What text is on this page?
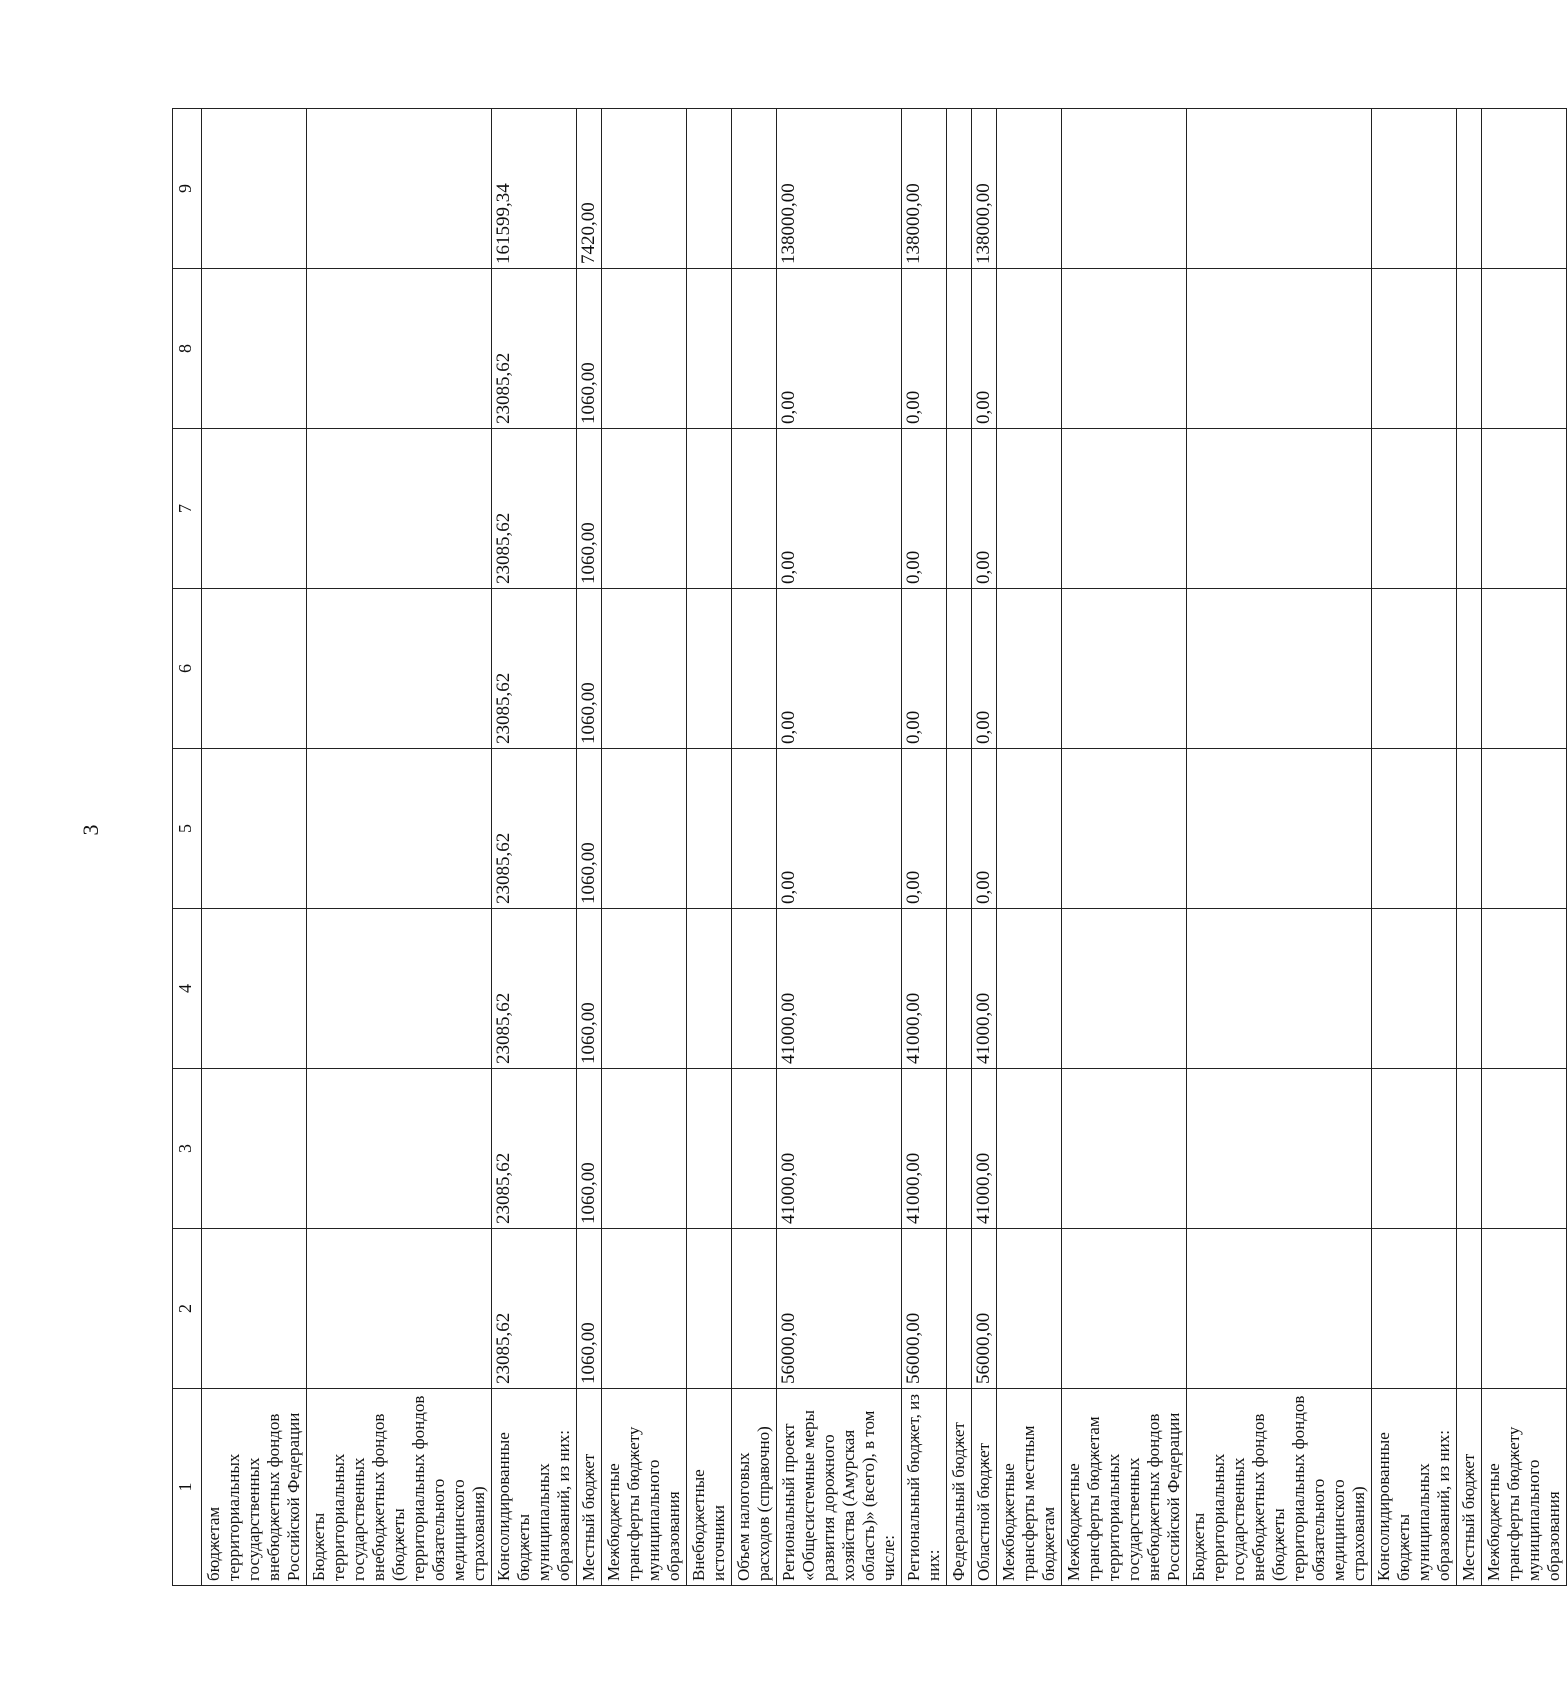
3
1	2	3	4	5	6	7	8	9
бюджетам территориальных государственных внебюджетных фондов Российской Федерации								
Бюджеты территориальных государственных внебюджетных фондов (бюджеты территориальных фондов обязательного медицинского страхования)								
Консолидированные бюджеты муниципальных образований, из них:	23085,62	23085,62	23085,62	23085,62	23085,62	23085,62	23085,62	161599,34
Местный бюджет	1060,00	1060,00	1060,00	1060,00	1060,00	1060,00	1060,00	7420,00
Межбюджетные трансферты бюджету муниципального образования								
Внебюджетные источники								
Объем налоговых расходов (справочно)								
Региональный проект «Общесистемные меры развития дорожного хозяйства (Амурская область)» (всего), в том числе:	56000,00	41000,00	41000,00	0,00	0,00	0,00	0,00	138000,00
Региональный бюджет, из них:	56000,00	41000,00	41000,00	0,00	0,00	0,00	0,00	138000,00
Федеральный бюджет								
Областной бюджет	56000,00	41000,00	41000,00	0,00	0,00	0,00	0,00	138000,00
Межбюджетные трансферты местным бюджетам								
Межбюджетные трансферты бюджетам территориальных государственных внебюджетных фондов Российской Федерации								
Бюджеты территориальных государственных внебюджетных фондов (бюджеты территориальных фондов обязательного медицинского страхования)								
Консолидированные бюджеты муниципальных образований, из них:								
Местный бюджет								
Межбюджетные трансферты бюджету муниципального образования								
